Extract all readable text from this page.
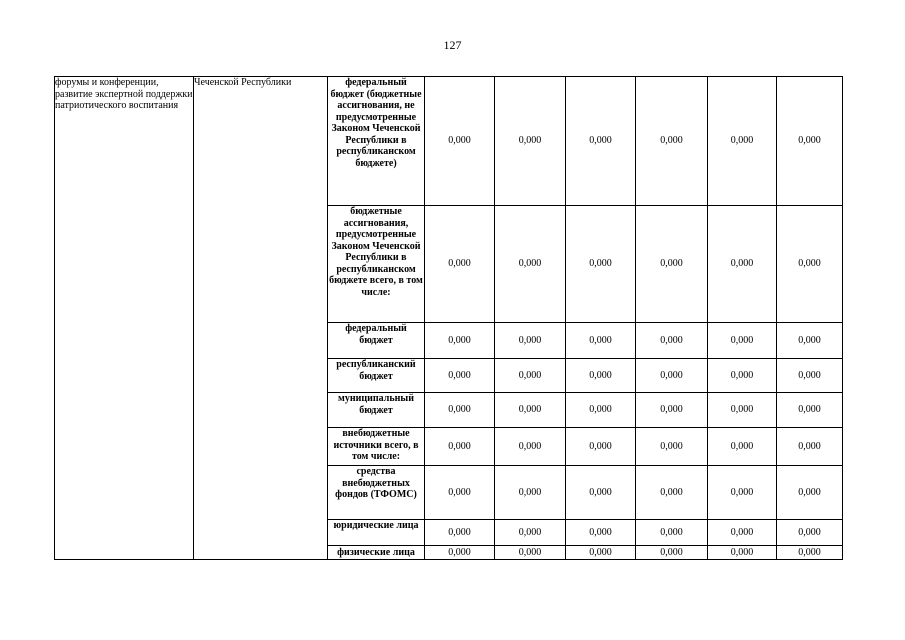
127
форумы и конференции, развитие экспертной поддержки патриотического воспитания	Чеченской Республики	федеральный бюджет (бюджетные ассигнования, не предусмотренные Законом Чеченской Республики в республиканском бюджете)	0,000	0,000	0,000	0,000	0,000	0,000
		бюджетные ассигнования, предусмотренные Законом Чеченской Республики в республиканском бюджете всего, в том числе:	0,000	0,000	0,000	0,000	0,000	0,000
		федеральный бюджет	0,000	0,000	0,000	0,000	0,000	0,000
		республиканский бюджет	0,000	0,000	0,000	0,000	0,000	0,000
		муниципальный бюджет	0,000	0,000	0,000	0,000	0,000	0,000
		внебюджетные источники всего, в том числе:	0,000	0,000	0,000	0,000	0,000	0,000
		средства внебюджетных фондов (ТФОМС)	0,000	0,000	0,000	0,000	0,000	0,000
		юридические лица	0,000	0,000	0,000	0,000	0,000	0,000
		физические лица	0,000	0,000	0,000	0,000	0,000	0,000
